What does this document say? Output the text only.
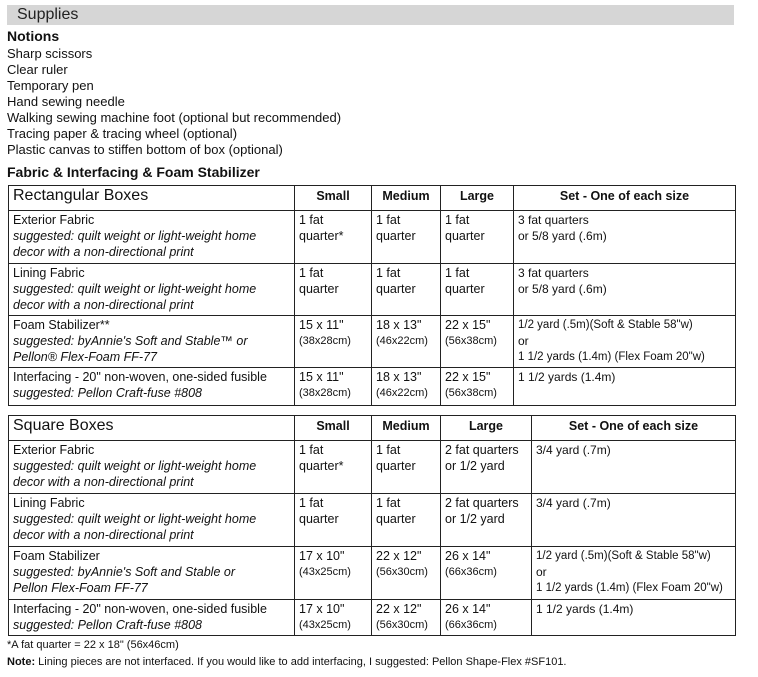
Supplies
Notions
Sharp scissors
Clear ruler
Temporary pen
Hand sewing needle
Walking sewing machine foot (optional but recommended)
Tracing paper & tracing wheel (optional)
Plastic canvas to stiffen bottom of box (optional)
Fabric & Interfacing & Foam Stabilizer
Rectangular Boxes	Small	Medium	Large	Set - One of each size

Exterior Fabric
suggested: quilt weight or light-weight home
decor with a non-directional print	1 fat
quarter*	1 fat
quarter	1 fat
quarter	3 fat quarters
or 5/8 yard (.6m)

Lining Fabric
suggested: quilt weight or light-weight home
decor with a non-directional print	1 fat
quarter	1 fat
quarter	1 fat
quarter	3 fat quarters
or 5/8 yard (.6m)

Foam Stabilizer**
suggested: byAnnie's Soft and Stable™ or
Pellon® Flex-Foam FF-77	15 x 11"
(38x28cm)	18 x 13"
(46x22cm)	22 x 15"
(56x38cm)	1/2 yard (.5m)(Soft & Stable 58"w)
or
1 1/2 yards (1.4m) (Flex Foam 20"w)

Interfacing - 20" non-woven, one-sided fusible
suggested: Pellon Craft-fuse #808	15 x 11"
(38x28cm)	18 x 13"
(46x22cm)	22 x 15"
(56x38cm)	1 1/2 yards (1.4m)
Square Boxes	Small	Medium	Large	Set - One of each size

Exterior Fabric
suggested: quilt weight or light-weight home
decor with a non-directional print	1 fat
quarter*	1 fat
quarter	2 fat quarters
or 1/2 yard	3/4 yard (.7m)

Lining Fabric
suggested: quilt weight or light-weight home
decor with a non-directional print	1 fat
quarter	1 fat
quarter	2 fat quarters
or 1/2 yard	3/4 yard (.7m)

Foam Stabilizer
suggested: byAnnie's Soft and Stable or
Pellon Flex-Foam FF-77	17 x 10"
(43x25cm)	22 x 12"
(56x30cm)	26 x 14"
(66x36cm)	1/2 yard (.5m)(Soft & Stable 58"w)
or
1 1/2 yards (1.4m) (Flex Foam 20"w)

Interfacing - 20" non-woven, one-sided fusible
suggested: Pellon Craft-fuse #808	17 x 10"
(43x25cm)	22 x 12"
(56x30cm)	26 x 14"
(66x36cm)	1 1/2 yards (1.4m)
*A fat quarter = 22 x 18" (56x46cm)
Note: Lining pieces are not interfaced. If you would like to add interfacing, I suggested: Pellon Shape-Flex #SF101.
